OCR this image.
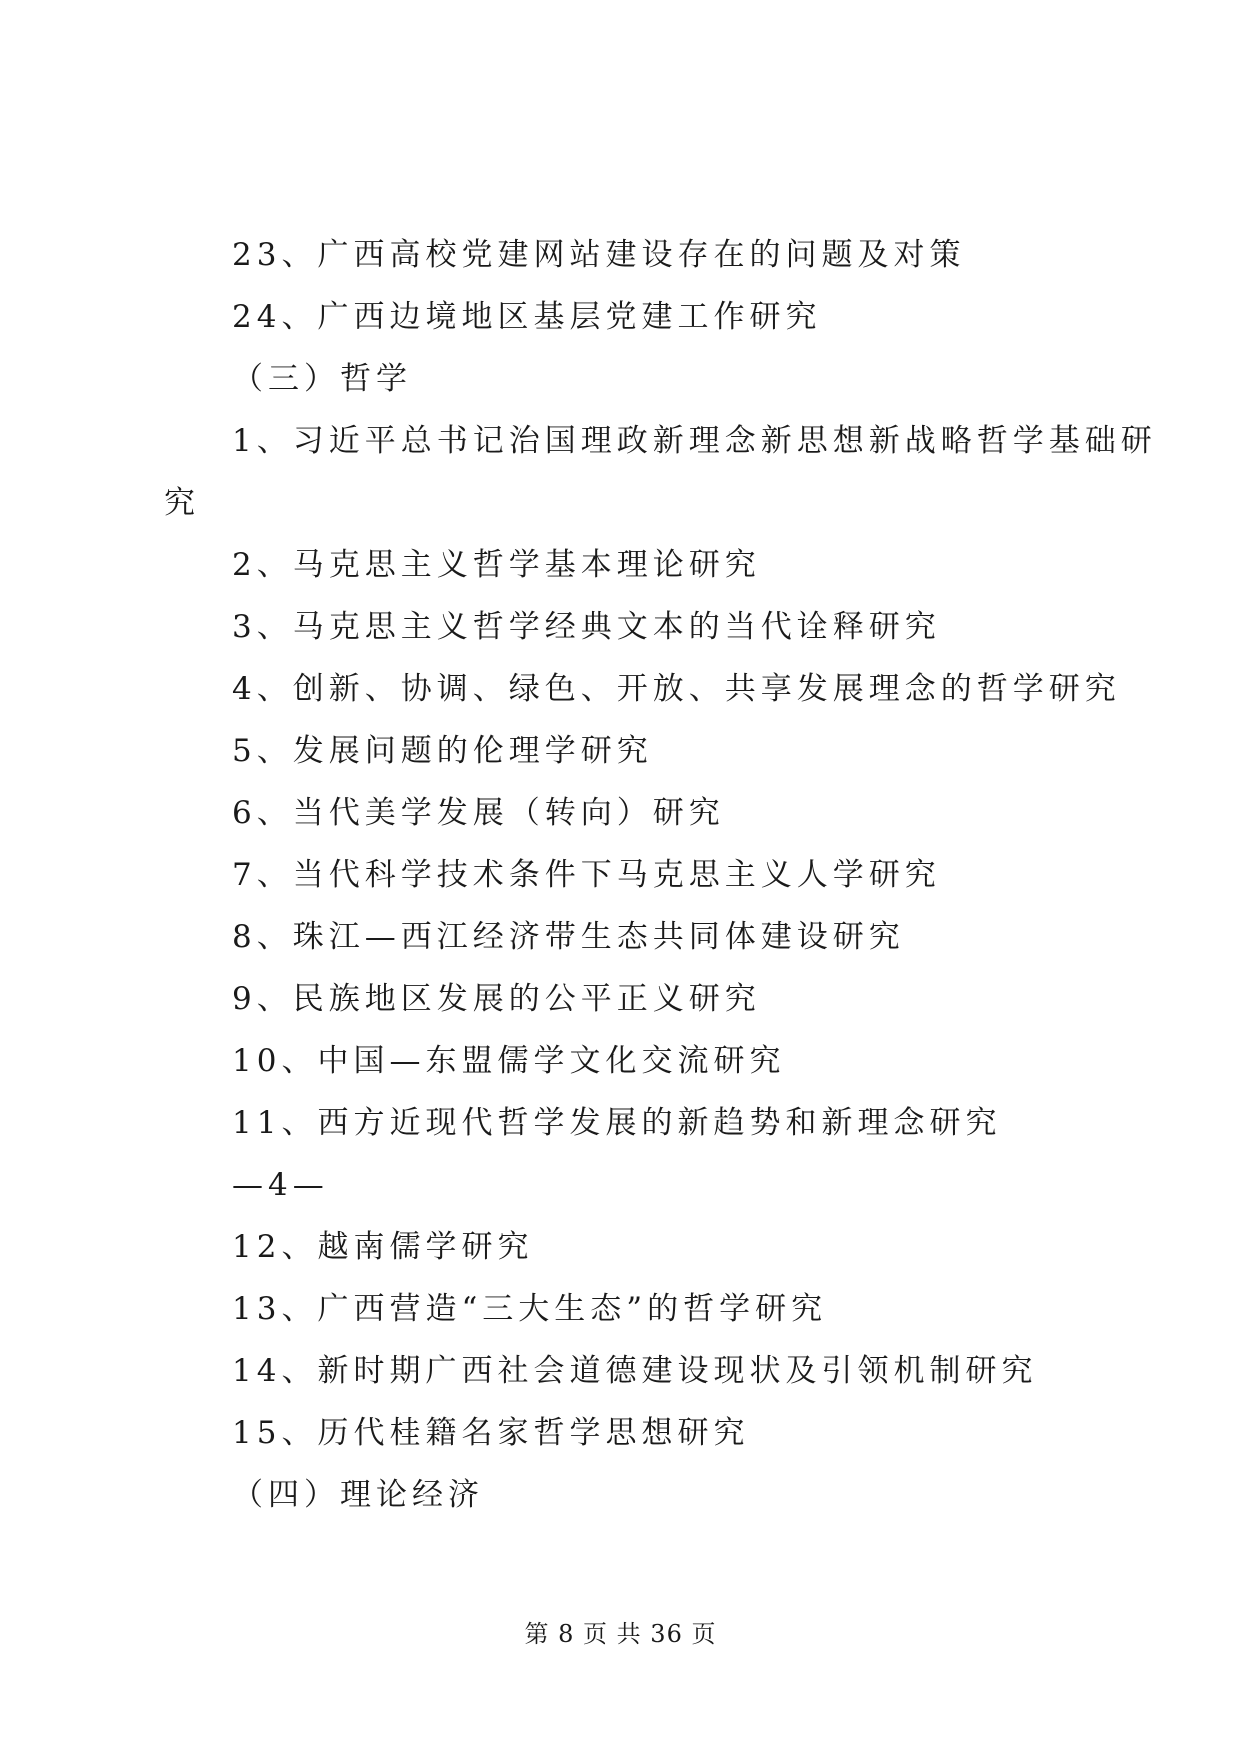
23、广西高校党建网站建设存在的问题及对策
24、广西边境地区基层党建工作研究
（三）哲学
1、习近平总书记治国理政新理念新思想新战略哲学基础研
究
2、马克思主义哲学基本理论研究
3、马克思主义哲学经典文本的当代诠释研究
4、创新、协调、绿色、开放、共享发展理念的哲学研究
5、发展问题的伦理学研究
6、当代美学发展（转向）研究
7、当代科学技术条件下马克思主义人学研究
8、珠江—西江经济带生态共同体建设研究
9、民族地区发展的公平正义研究
10、中国—东盟儒学文化交流研究
11、西方近现代哲学发展的新趋势和新理念研究
—4—
12、越南儒学研究
13、广西营造“三大生态”的哲学研究
14、新时期广西社会道德建设现状及引领机制研究
15、历代桂籍名家哲学思想研究
（四）理论经济
第 8 页 共 36 页
